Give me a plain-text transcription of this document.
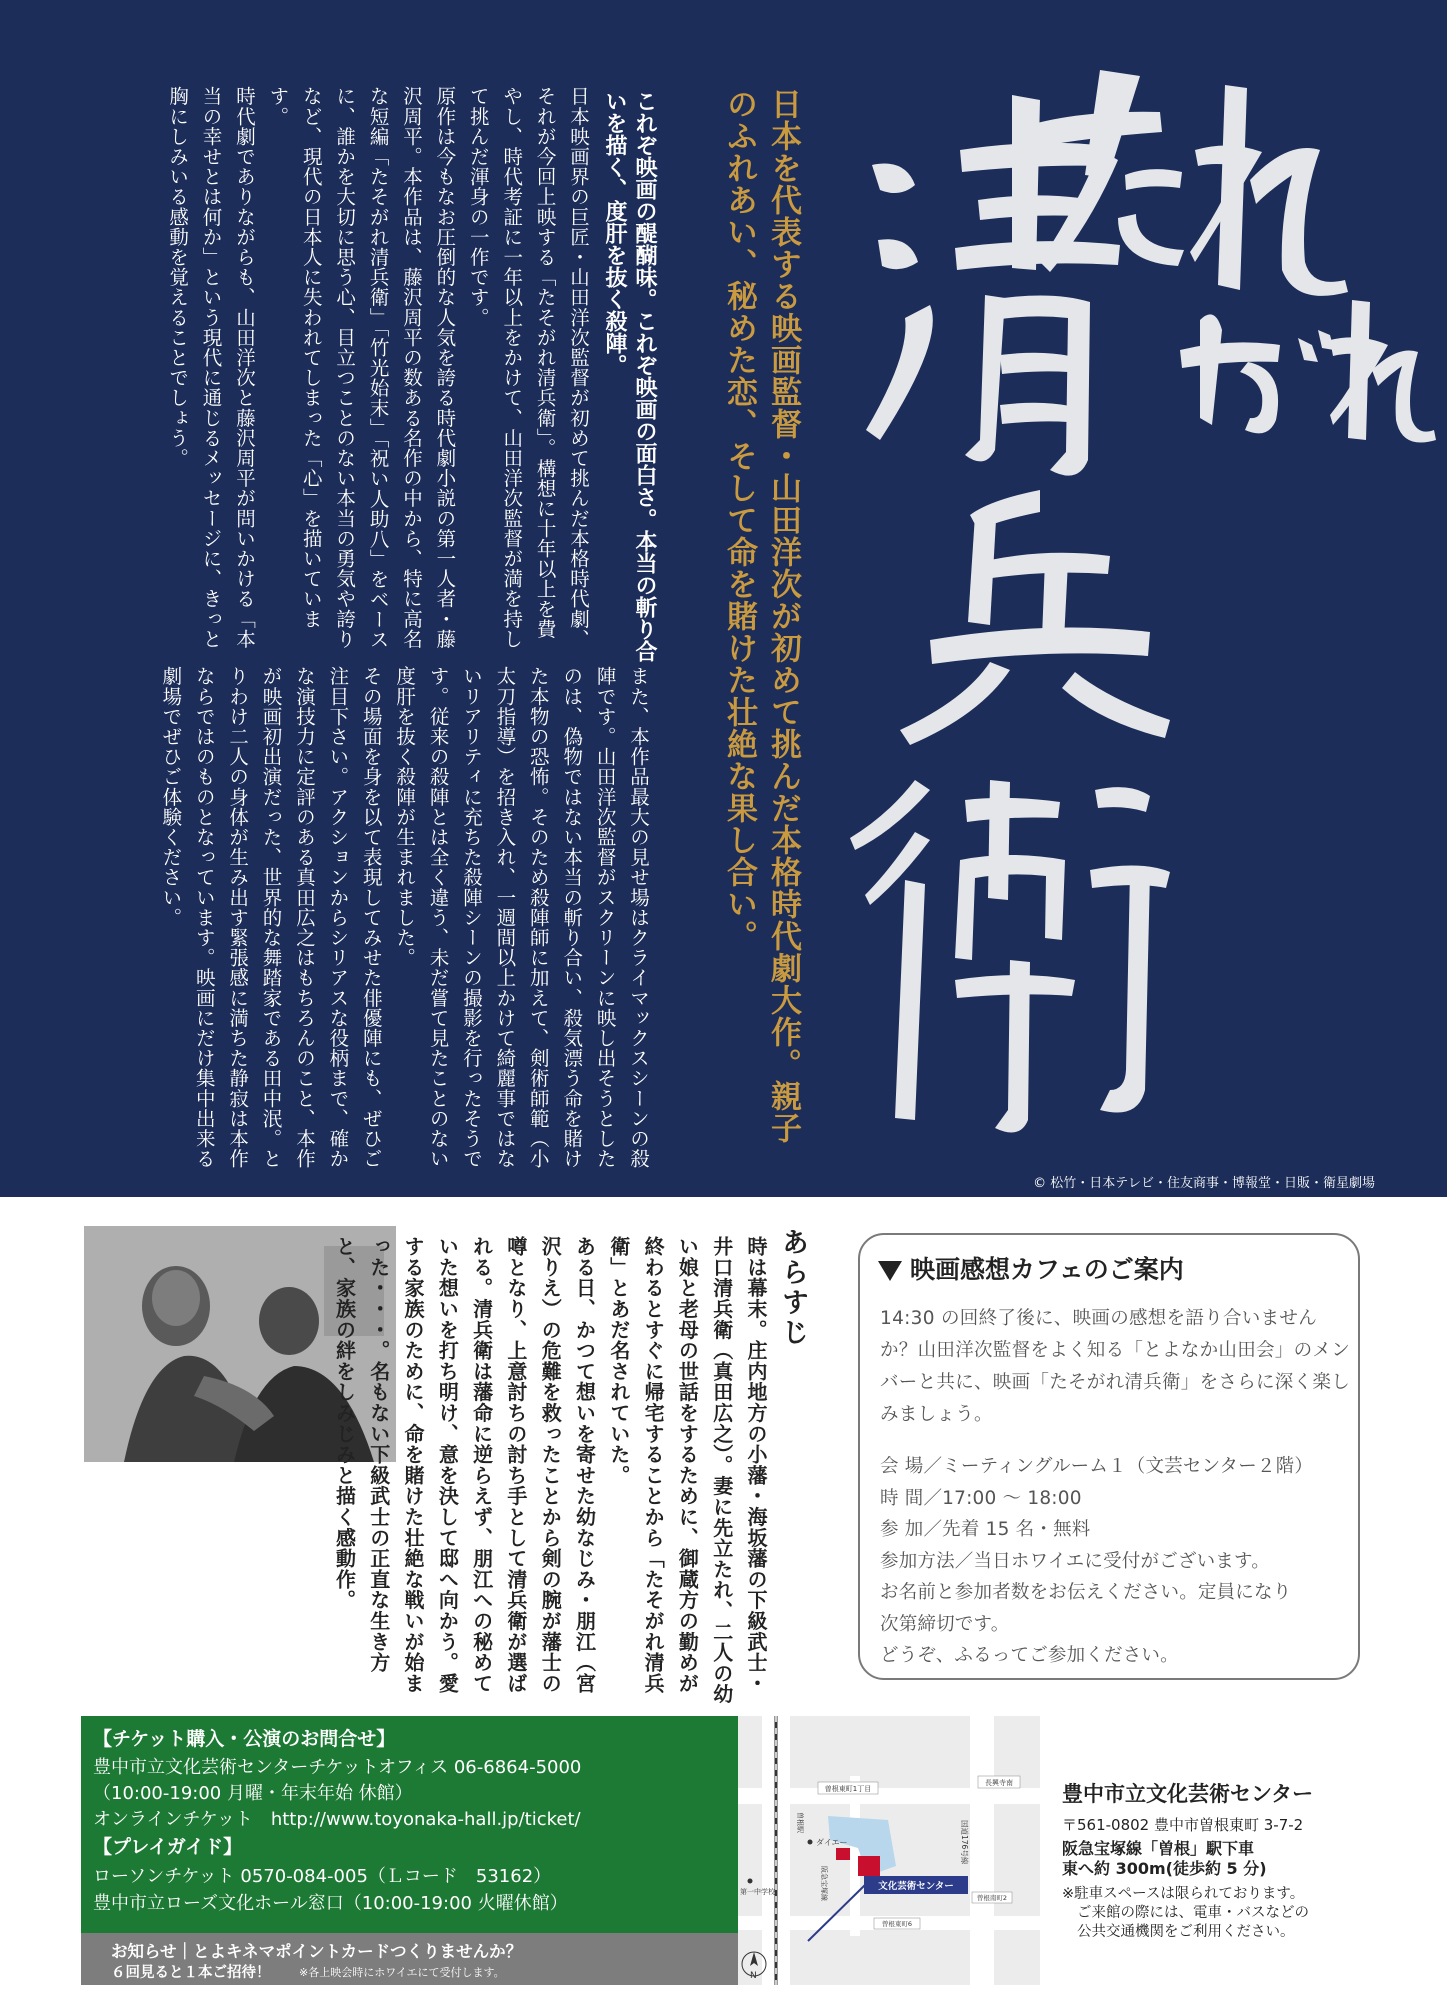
日本を代表する映画監督・山田洋次が初めて挑んだ本格時代劇大作。親子のふれあい、秘めた恋、そして命を賭けた壮絶な果し合い。
これぞ映画の醍醐味。これぞ映画の面白さ。本当の斬り合いを描く、度肝を抜く殺陣。

日本映画界の巨匠・山田洋次監督が初めて挑んだ本格時代劇、それが今回上映する「たそがれ清兵衛」。構想に十年以上を費やし、時代考証に一年以上をかけて、山田洋次監督が満を持して挑んだ渾身の一作です。

原作は今もなお圧倒的な人気を誇る時代劇小説の第一人者・藤沢周平。本作品は、藤沢周平の数ある名作の中から、特に高名な短編「たそがれ清兵衛」「竹光始末」「祝い人助八」をベースに、誰かを大切に思う心、目立つことのない本当の勇気や誇りなど、現代の日本人に失われてしまった「心」を描いています。

時代劇でありながらも、山田洋次と藤沢周平が問いかける「本当の幸せとは何か」という現代に通じるメッセージに、きっと胸にしみいる感動を覚えることでしょう。

また、本作品最大の見せ場はクライマックスシーンの殺陣です。山田洋次監督がスクリーンに映し出そうとしたのは、偽物ではない本当の斬り合い、殺気漂う命を賭けた本物の恐怖。そのため殺陣師に加えて、剣術師範（小太刀指導）を招き入れ、一週間以上かけて綺麗事ではないリアリティに充ちた殺陣シーンの撮影を行ったそうです。従来の殺陣とは全く違う、未だ嘗て見たことのない度肝を抜く殺陣が生まれました。

その場面を身を以て表現してみせた俳優陣にも、ぜひご注目下さい。アクションからシリアスな役柄まで、確かな演技力に定評のある真田広之はもちろんのこと、本作が映画初出演だった、世界的な舞踏家である田中泯。とりわけ二人の身体が生み出す緊張感に満ちた静寂は本作ならではのものとなっています。映画にだけ集中出来る劇場でぜひご体験ください。

© 松竹・日本テレビ・住友商事・博報堂・日販・衛星劇場
あらすじ

時は幕末。庄内地方の小藩・海坂藩の下級武士・井口清兵衛（真田広之）。妻に先立たれ、二人の幼い娘と老母の世話をするために、御蔵方の勤めが終わるとすぐに帰宅することから「たそがれ清兵衛」とあだ名されていた。

ある日、かつて想いを寄せた幼なじみ・朋江（宮沢りえ）の危難を救ったことから剣の腕が藩士の噂となり、上意討ちの討ち手として清兵衛が選ばれる。清兵衛は藩命に逆らえず、朋江への秘めていた想いを打ち明け、意を決して邸へ向かう。愛する家族のために、命を賭けた壮絶な戦いが始まった・・・。名もない下級武士の正直な生き方と、家族の絆をしみじみと描く感動作。	映画感想カフェのご案内

14:30 の回終了後に、映画の感想を語り合いませんか？山田洋次監督をよく知る「とよなか山田会」のメンバーと共に、映画「たそがれ清兵衛」をさらに深く楽しみましょう。

会 場／ミーティングルーム１（文芸センター２階）
時 間／17:00 ～ 18:00
参 加／先着 15 名・無料
参加方法／当日ホワイエに受付がございます。
お名前と参加者数をお伝えください。定員になり
次第締切です。
どうぞ、ふるってご参加ください。
【チケット購入・公演のお問合せ】
豊中市立文化芸術センターチケットオフィス 06-6864-5000
（10:00-19:00 月曜・年末年始 休館）
オンラインチケット　http://www.toyonaka-hall.jp/ticket/
【プレイガイド】
ローソンチケット 0570-084-005（Ｌコード　53162）
豊中市立ローズ文化ホール窓口（10:00-19:00 火曜休館）
お知らせ｜とよキネマポイントカードつくりませんか？
６回見ると１本ご招待！	※各上映会時にホワイエにて受付します。
文化芸術センター
曽根東町1丁目
長興寺南
ダイエー
曽根駅	国道176号線
第一中学校	阪急宝塚線
曽根東町6
曽根南町2
N
豊中市立文化芸術センター
〒561-0802 豊中市曽根東町 3-7-2
阪急宝塚線「曽根」駅下車
東へ約 300m(徒歩約 5 分)
※駐車スペースは限られております。
ご来館の際には、電車・バスなどの
公共交通機関をご利用ください。
